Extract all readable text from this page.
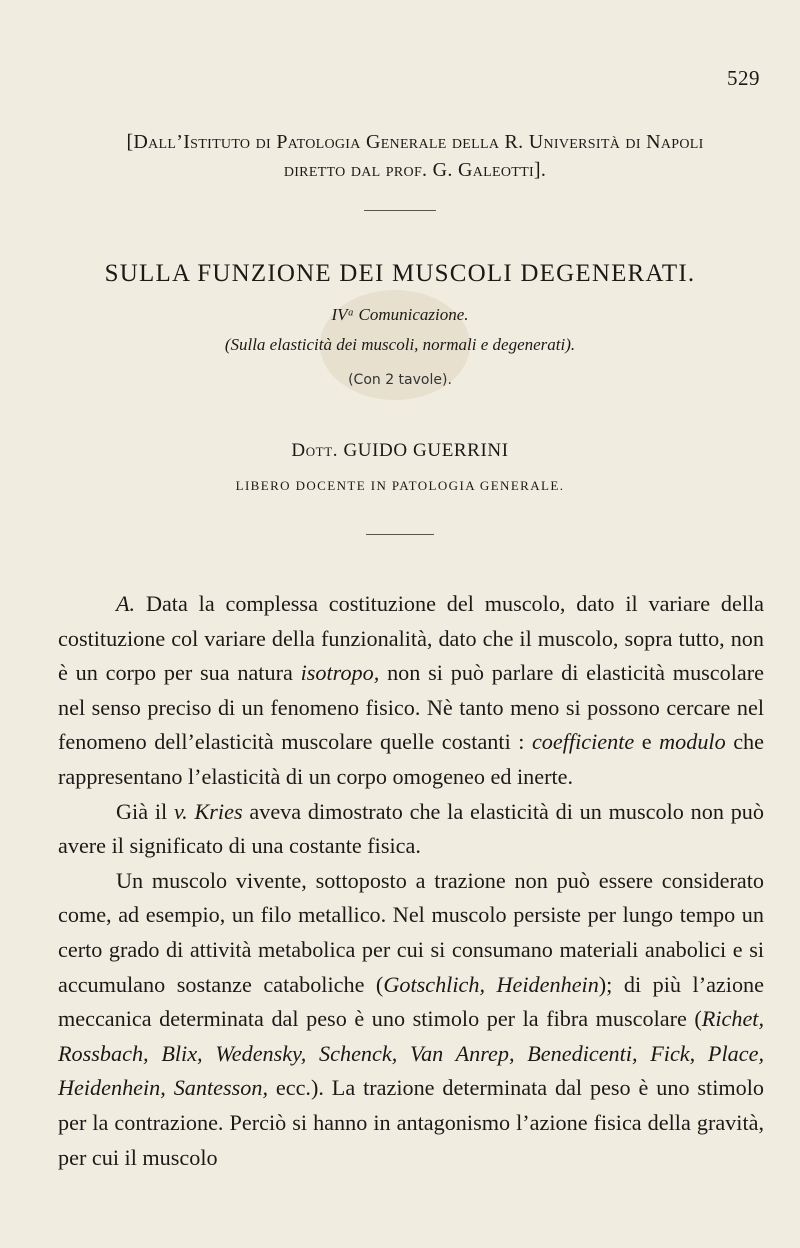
529
[Dall’Istituto di Patologia Generale della R. Università di Napoli
diretto dal prof. G. Galeotti].
SULLA FUNZIONE DEI MUSCOLI DEGENERATI.
IVᵃ Comunicazione.
(Sulla elasticità dei muscoli, normali e degenerati).
(Con 2 tavole).
Dott. GUIDO GUERRINI
LIBERO DOCENTE IN PATOLOGIA GENERALE.

A. Data la complessa costituzione del muscolo, dato il variare della costituzione col variare della funzionalità, dato che il muscolo, sopra tutto, non è un corpo per sua natura isotropo, non si può parlare di elasticità muscolare nel senso preciso di un fenomeno fisico. Nè tanto meno si possono cercare nel fenomeno dell’elasticità muscolare quelle costanti : coefficiente e modulo che rappresentano l’elasticità di un corpo omogeneo ed inerte.

Già il v. Kries aveva dimostrato che la elasticità di un muscolo non può avere il significato di una costante fisica.

Un muscolo vivente, sottoposto a trazione non può essere considerato come, ad esempio, un filo metallico. Nel muscolo persiste per lungo tempo un certo grado di attività metabolica per cui si consumano materiali anabolici e si accumulano sostanze cataboliche (Gotschlich, Heidenhein); di più l’azione meccanica determinata dal peso è uno stimolo per la fibra muscolare (Richet, Rossbach, Blix, Wedensky, Schenck, Van Anrep, Benedicenti, Fick, Place, Heidenhein, Santesson, ecc.). La trazione determinata dal peso è uno stimolo per la contrazione. Perciò si hanno in antagonismo l’azione fisica della gravità, per cui il muscolo
